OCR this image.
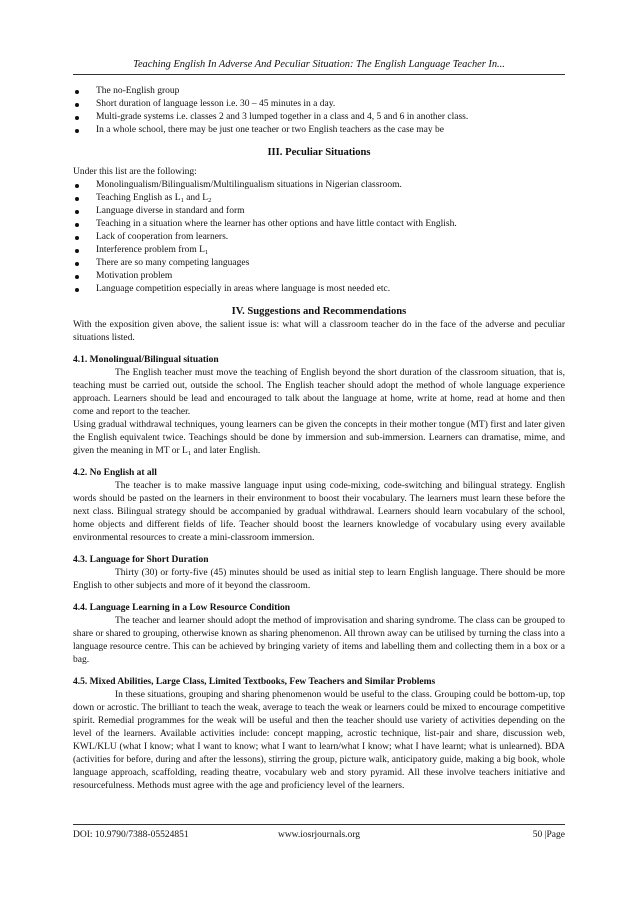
Teaching English In Adverse And Peculiar Situation: The English Language Teacher In...
The no-English group
Short duration of language lesson i.e. 30 – 45 minutes in a day.
Multi-grade systems i.e. classes 2 and 3 lumped together in a class and 4, 5 and 6 in another class.
In a whole school, there may be just one teacher or two English teachers as the case may be
III. Peculiar Situations

Under this list are the following:

Monolingualism/Bilingualism/Multilingualism situations in Nigerian classroom.
Teaching English as $L_1$ and $L_2$
Language diverse in standard and form
Teaching in a situation where the learner has other options and have little contact with English.
Lack of cooperation from learners.
Interference problem from $L_1$
There are so many competing languages
Motivation problem
Language competition especially in areas where language is most needed etc.
IV. Suggestions and Recommendations

With the exposition given above, the salient issue is: what will a classroom teacher do in the face of the adverse and peculiar situations listed.

4.1. Monolingual/Bilingual situation

The English teacher must move the teaching of English beyond the short duration of the classroom situation, that is, teaching must be carried out, outside the school. The English teacher should adopt the method of whole language experience approach. Learners should be lead and encouraged to talk about the language at home, write at home, read at home and then come and report to the teacher.

Using gradual withdrawal techniques, young learners can be given the concepts in their mother tongue (MT) first and later given the English equivalent twice. Teachings should be done by immersion and sub-immersion. Learners can dramatise, mime, and given the meaning in MT or $L_1$ and later English.

4.2. No English at all

The teacher is to make massive language input using code-mixing, code-switching and bilingual strategy. English words should be pasted on the learners in their environment to boost their vocabulary. The learners must learn these before the next class. Bilingual strategy should be accompanied by gradual withdrawal. Learners should learn vocabulary of the school, home objects and different fields of life. Teacher should boost the learners knowledge of vocabulary using every available environmental resources to create a mini-classroom immersion.

4.3. Language for Short Duration

Thirty (30) or forty-five (45) minutes should be used as initial step to learn English language. There should be more English to other subjects and more of it beyond the classroom.

4.4. Language Learning in a Low Resource Condition

The teacher and learner should adopt the method of improvisation and sharing syndrome. The class can be grouped to share or shared to grouping, otherwise known as sharing phenomenon. All thrown away can be utilised by turning the class into a language resource centre. This can be achieved by bringing variety of items and labelling them and collecting them in a box or a bag.

4.5. Mixed Abilities, Large Class, Limited Textbooks, Few Teachers and Similar Problems

In these situations, grouping and sharing phenomenon would be useful to the class. Grouping could be bottom-up, top down or acrostic. The brilliant to teach the weak, average to teach the weak or learners could be mixed to encourage competitive spirit. Remedial programmes for the weak will be useful and then the teacher should use variety of activities depending on the level of the learners. Available activities include: concept mapping, acrostic technique, list-pair and share, discussion web, KWL/KLU (what I know; what I want to know; what I want to learn/what I know; what I have learnt; what is unlearned). BDA (activities for before, during and after the lessons), stirring the group, picture walk, anticipatory guide, making a big book, whole language approach, scaffolding, reading theatre, vocabulary web and story pyramid. All these involve teachers initiative and resourcefulness. Methods must agree with the age and proficiency level of the learners.

DOI: 10.9790/7388-05524851	www.iosrjournals.org	50 |Page
